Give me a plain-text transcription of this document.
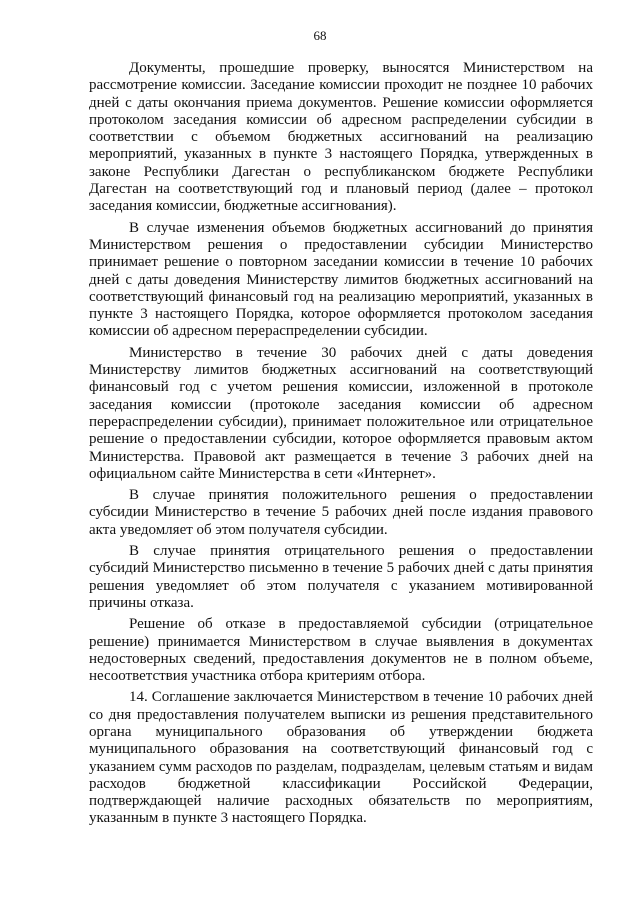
68

Документы, прошедшие проверку, выносятся Министерством на рассмотрение комиссии. Заседание комиссии проходит не позднее 10 рабочих дней с даты окончания приема документов. Решение комиссии оформляется протоколом заседания комиссии об адресном распределении субсидии в соответствии с объемом бюджетных ассигнований на реализацию мероприятий, указанных в пункте 3 настоящего Порядка, утвержденных в законе Республики Дагестан о республиканском бюджете Республики Дагестан на соответствующий год и плановый период (далее – протокол заседания комиссии, бюджетные ассигнования).

В случае изменения объемов бюджетных ассигнований до принятия Министерством решения о предоставлении субсидии Министерство принимает решение о повторном заседании комиссии в течение 10 рабочих дней с даты доведения Министерству лимитов бюджетных ассигнований на соответствующий финансовый год на реализацию мероприятий, указанных в пункте 3 настоящего Порядка, которое оформляется протоколом заседания комиссии об адресном перераспределении субсидии.

Министерство в течение 30 рабочих дней с даты доведения Министерству лимитов бюджетных ассигнований на соответствующий финансовый год с учетом решения комиссии, изложенной в протоколе заседания комиссии (протоколе заседания комиссии об адресном перераспределении субсидии), принимает положительное или отрицательное решение о предоставлении субсидии, которое оформляется правовым актом Министерства. Правовой акт размещается в течение 3 рабочих дней на официальном сайте Министерства в сети «Интернет».

В случае принятия положительного решения о предоставлении субсидии Министерство в течение 5 рабочих дней после издания правового акта уведомляет об этом получателя субсидии.

В случае принятия отрицательного решения о предоставлении субсидий Министерство письменно в течение 5 рабочих дней с даты принятия решения уведомляет об этом получателя с указанием мотивированной причины отказа.

Решение об отказе в предоставляемой субсидии (отрицательное решение) принимается Министерством в случае выявления в документах недостоверных сведений, предоставления документов не в полном объеме, несоответствия участника отбора критериям отбора.

14. Соглашение заключается Министерством в течение 10 рабочих дней со дня предоставления получателем выписки из решения представительного органа муниципального образования об утверждении бюджета муниципального образования на соответствующий финансовый год с указанием сумм расходов по разделам, подразделам, целевым статьям и видам расходов бюджетной классификации Российской Федерации, подтверждающей наличие расходных обязательств по мероприятиям, указанным в пункте 3 настоящего Порядка.
